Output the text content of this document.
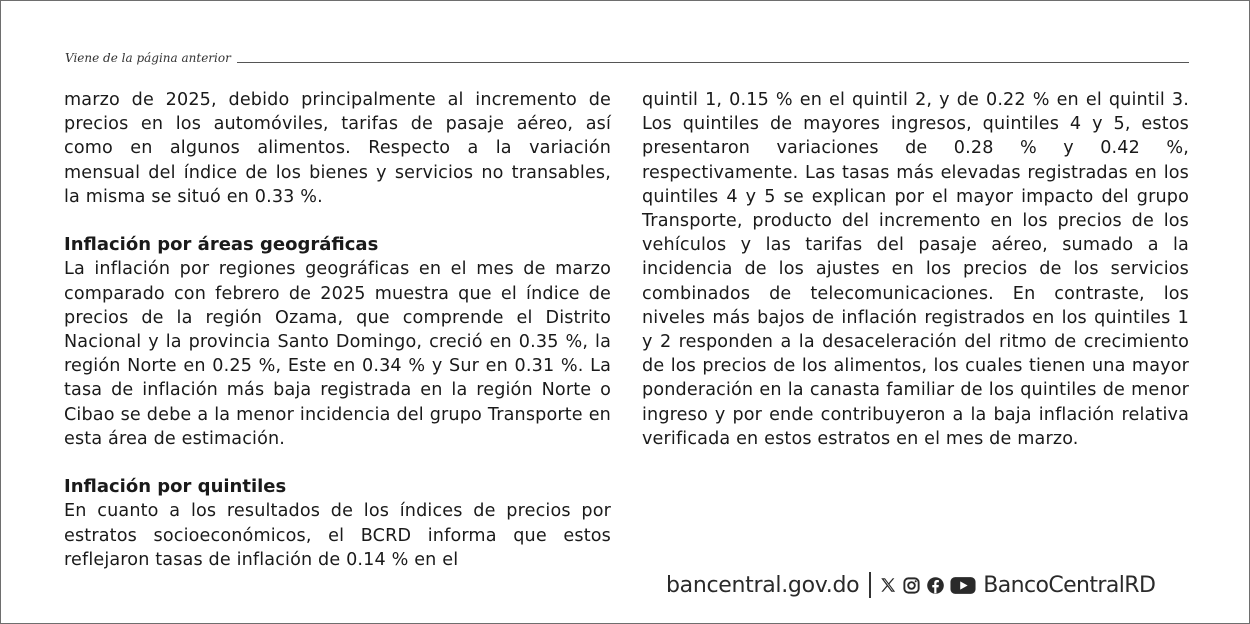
Viene de la página anterior

marzo de 2025, debido principalmente al incremento de precios en los automóviles, tarifas de pasaje aéreo, así como en algunos alimentos. Respecto a la variación mensual del índice de los bienes y servicios no transables, la misma se situó en 0.33 %.

Inflación por áreas geográficas

La inflación por regiones geográficas en el mes de marzo comparado con febrero de 2025 muestra que el índice de precios de la región Ozama, que comprende el Distrito Nacional y la provincia Santo Domingo, creció en 0.35 %, la región Norte en 0.25 %, Este en 0.34 % y Sur en 0.31 %. La tasa de inflación más baja registrada en la región Norte o Cibao se debe a la menor incidencia del grupo Transporte en esta área de estimación.

Inflación por quintiles

En cuanto a los resultados de los índices de precios por estratos socioeconómicos, el BCRD informa que estos reflejaron tasas de inflación de 0.14 % en el

quintil 1, 0.15 % en el quintil 2, y de 0.22 % en el quintil 3. Los quintiles de mayores ingresos, quintiles 4 y 5, estos presentaron variaciones de 0.28 % y 0.42 %, respectivamente. Las tasas más elevadas registradas en los quintiles 4 y 5 se explican por el mayor impacto del grupo Transporte, producto del incremento en los precios de los vehículos y las tarifas del pasaje aéreo, sumado a la incidencia de los ajustes en los precios de los servicios combinados de telecomunicaciones. En contraste, los niveles más bajos de inflación registrados en los quintiles 1 y 2 responden a la desaceleración del ritmo de crecimiento de los precios de los alimentos, los cuales tienen una mayor ponderación en la canasta familiar de los quintiles de menor ingreso y por ende contribuyeron a la baja inflación relativa verificada en estos estratos en el mes de marzo.

bancentral.gov.do	BancoCentralRD
